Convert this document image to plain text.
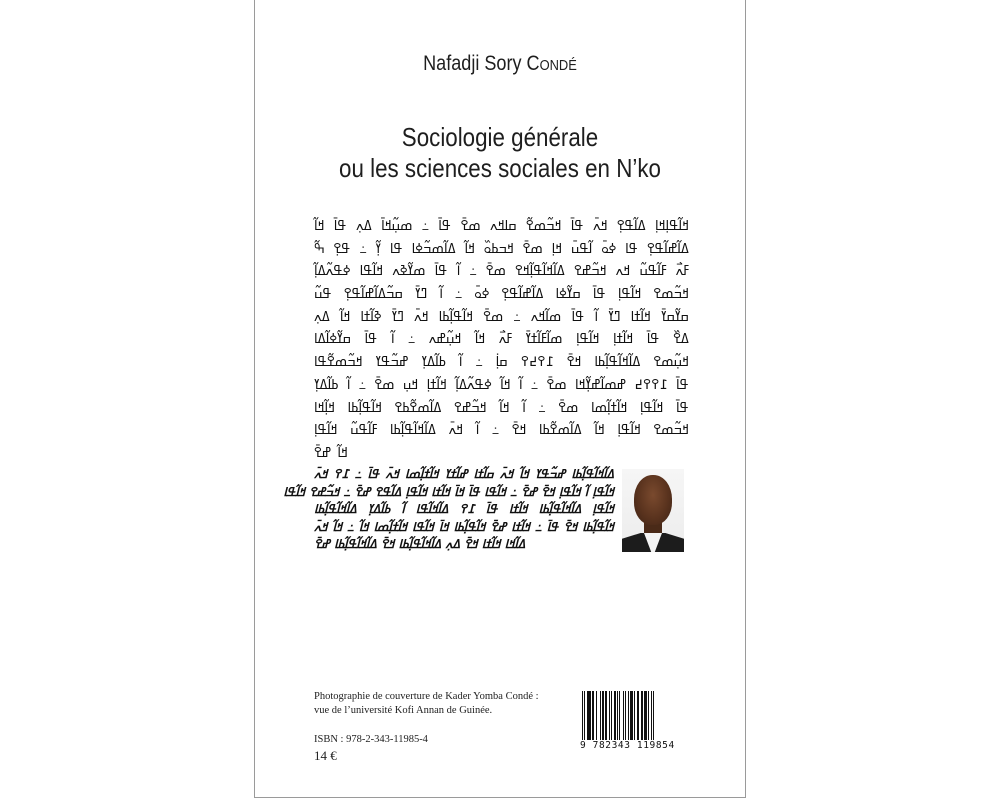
Nafadji Sory Condé
Sociologie générale
ou les sciences sociales en N’ko
ߞߊ߬ߟߊ߲ߞߊ߲ ߡߊ߬ߟߐ߲ ߞߍ߫ ߟߊ߫ ߞߏ߬ߘߐ߬ ߛߊߞߍ ߘߐ߫ ߟߊ߫ ߸ ߘߎ߲߬ߞߊ߫ ߡߍ߲ ߟߊ߫ ߞߊ߬
ߡߊ߬ߝߊ߬ߟߐ߲ ߟߊ ߦߋ߫ ߊ߬ߟߎ߫ ߞߊ߲ ߘߐ߫ ߞߏߕߋ߰ ߞߊ߬ ߡߊ߬ߘߏ߬ߦߊ ߟߊ ߌ߲߬ ߸ ߟߐ߲ ߒ߬
ߓߍ߯ ߓߊ߬ߟߎ߬ ߞߍ ߞߏ߬ߝߐ ߡߊ߬ߞߊ߬ߟߊ߲߬ߞߐ ߘߐ߫ ߸ ߊ߬ ߟߊ߫ ߘߌ߬ߢߍ ߞߊ߬ߟߊ ߦߟߍ߬ߡߊ߲߬
ߞߏ߬ߘߐ ߞߊ߬ߟߊ߲ ߟߊ߫ ߛߌ߬ߦߊ ߡߊ߬ߝߊ߬ߟߐ߲ ߦߋ߫ ߸ ߊ߬ ߣߌ߫ ߛߏ߬ߡߊ߬ߝߊ߬ߟߐ߲ ߟߎ߬
ߛߌ߬ߛߌ߫ ߞߊ߬ߙߊ ߣߌ߫ ߊ߬ ߟߊ߫ ߘߊ߬ߞߍ ߸ ߘߐ߫ ߞߊ߬ߟߊ߲߬ߕߊ ߞߍ߫ ߣߌ߫ ߢߊ߬ߙߊ ߞߊ߬ ߡߍ߲
ߡߐ߰ ߟߊ߫ ߞߊ߬ߙߊ߲ ߞߊ߬ߟߊ߲ ߘߊ߬ߓߊ߬ߙߌ߫ ߓߍ߯ ߞߊ߬ ߞߎ߲߬ߝߍ ߸ ߊ߬ ߟߊ߫ ߛߌ߬ߦߊ߬ߡߊ
ߞߎ߲߬ߘߐ ߡߊ߬ߞߊ߬ߟߊ߲߬ߕߊ ߞߐ߫ ߁߉߄߉ ߛߊ߲߭ ߸ ߊ߬ ߕߊ߬ߡߌ߲ ߝߏ߬ߟߌ ߞߏ߬ߘߐ߬ߟߊ
ߟߊ߫ ߁߉߉߄ ߝߘߊ߬ߝߌ߲߬ߞߊ ߘߐ߫ ߸ ߊ߬ ߞߊ߬ ߦߟߍ߬ߡߊ߲߬ ߞߊ߬ߙߊ߲ ߞߎ߲ ߘߐ߫ ߸ ߊ߬ ߕߊ߬ߡߌ߲
ߟߊ߫ ߞߊ߬ߟߊ߲ ߞߊ߬ߙߊ߲߬ߘߊ ߘߐ߫ ߸ ߊ߬ ߞߊ߬ ߞߏ߬ߝߐ ߡߊ߬ߘߐ߬ߕߐ ߞߊ߬ߟߊ߲߬ߕߊ ߞߊ߲߬ߞߊ
ߞߏ߬ߘߐ ߞߊ߬ߟߊ߲ ߞߊ߬ ߡߊ߬ߘߐ߬ߕߊ ߞߐ߫ ߸ ߊ߬ ߞߍ߫ ߡߊ߬ߞߊ߬ߟߊ߲߬ߕߊ ߓߊ߬ߟߎ߬ ߞߊ߬ߟߊ߲
ߞߊ߬ ߝߐ߫
ߡߊ߬ߞߊ߬ߟߊ߲߬ߕߊ ߝߏ߬ߟߌ ߞߊ߬ ߞߍ߫ ߛߊ߬ߙߊ ߝߊ߬ߙߌ ߞߊ߬ߙߊ߲߬ߘߊ ߞߍ߫ ߟߊ߫ ߸ ߁߉ ߞߍ߫
ߞߊ߬ߟߊ߲ ߊ߬ ߞߊ߬ߟߊ߲ ߞߐ߫ ߝߐ߫ ߸ ߞߊ߬ߟߊ ߟߊ߫ ߞߊ߫ ߞߊ߬ߙߊ ߞߊ߬ߟߊ߲ ߡߊ߬ߟߐ ߝߐ߫ ߸ ߞߏ߬ߝߐ ߞߊ߬ߟߊ
ߞߊ߬ߟߊ߲ ߡߊ߬ߞߊ߬ߟߊ߲߬ߕߊ ߞߊ߬ߙߊ ߟߊ߫ ߁߉ ߡߊ߬ߞߊ߬ߟߊ ߊ߬ ߕߊ߬ߡߌ߲ ߡߊ߬ߞߊ߬ߟߊ߲߬ߕߊ
ߞߊ߬ߟߊ߲߬ߕߊ ߞߐ߫ ߟߊ߫ ߸ ߞߊ߬ߙߊ ߝߐ߫ ߞߊ߬ߟߊ߲߬ߕߊ ߞߊ߫ ߞߊ߬ߟߊ ߞߊ߬ߙߊ߲߬ߘߊ ߞߊ߬ ߸ ߞߊ߬ ߞߍ߫
ߡߊ߬ߞߊ ߞߊ߬ߙߊ ߞߐ߫ ߡߍ߲ ߡߊ߬ߞߊ߬ߟߊ߲߬ߕߊ ߞߐ߫ ߡߊ߬ߞߊ߬ߟߊ߲߬ߕߊ ߝߐ߫
Photographie de couverture de Kader Yomba Condé :
vue de l’université Kofi Annan de Guinée.
ISBN : 978-2-343-11985-4
14 €
9 782343 119854
